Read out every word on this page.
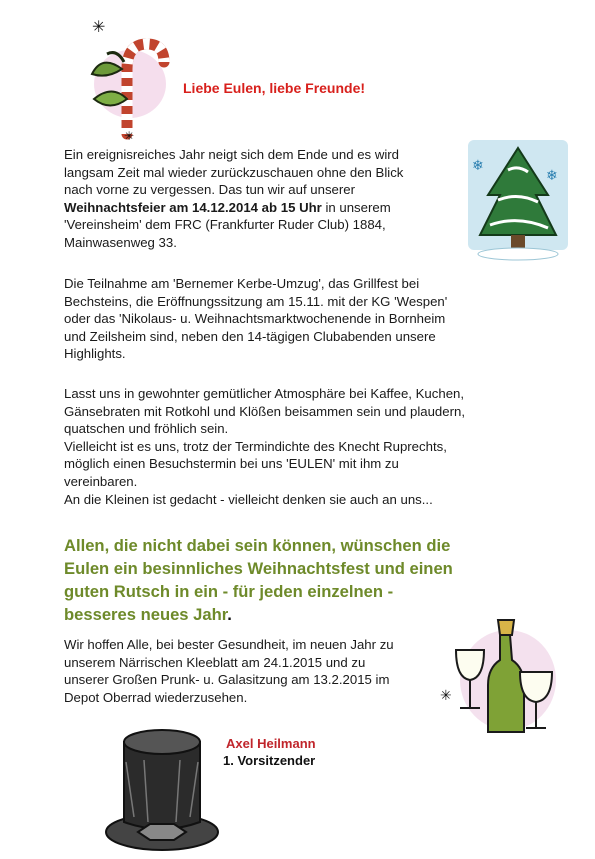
✳
✳
Liebe Eulen, liebe Freunde!
Ein ereignisreiches Jahr neigt sich dem Ende und es wird
langsam Zeit mal wieder zurückzuschauen ohne den Blick
nach vorne zu vergessen. Das tun wir auf unserer
Weihnachtsfeier am 14.12.2014 ab 15 Uhr in unserem
'Vereinsheim' dem FRC (Frankfurter Ruder Club) 1884,
Mainwasenweg 33.
❄
❄
Die Teilnahme am 'Bernemer Kerbe-Umzug', das Grillfest bei
Bechsteins, die Eröffnungssitzung am 15.11. mit der KG 'Wespen'
oder das 'Nikolaus- u. Weihnachtsmarktwochenende in Bornheim
und Zeilsheim sind, neben den 14-tägigen Clubabenden unsere
Highlights.
Lasst uns in gewohnter gemütlicher Atmosphäre bei Kaffee, Kuchen,
Gänsebraten mit Rotkohl und Klößen beisammen sein und plaudern,
quatschen und fröhlich sein.
Vielleicht ist es uns, trotz der Termindichte des Knecht Ruprechts,
möglich einen Besuchstermin bei uns 'EULEN' mit ihm zu
vereinbaren.
An die Kleinen ist gedacht - vielleicht denken sie auch an uns...
Allen, die nicht dabei sein können, wünschen die
Eulen ein besinnliches Weihnachtsfest und einen
guten Rutsch in ein - für jeden einzelnen -
besseres neues Jahr.
Wir hoffen Alle, bei bester Gesundheit, im neuen Jahr zu
unserem Närrischen Kleeblatt am 24.1.2015 und zu
unserer Großen Prunk- u. Galasitzung am 13.2.2015 im
Depot Oberrad wiederzusehen.	✳
Axel Heilmann
1. Vorsitzender
